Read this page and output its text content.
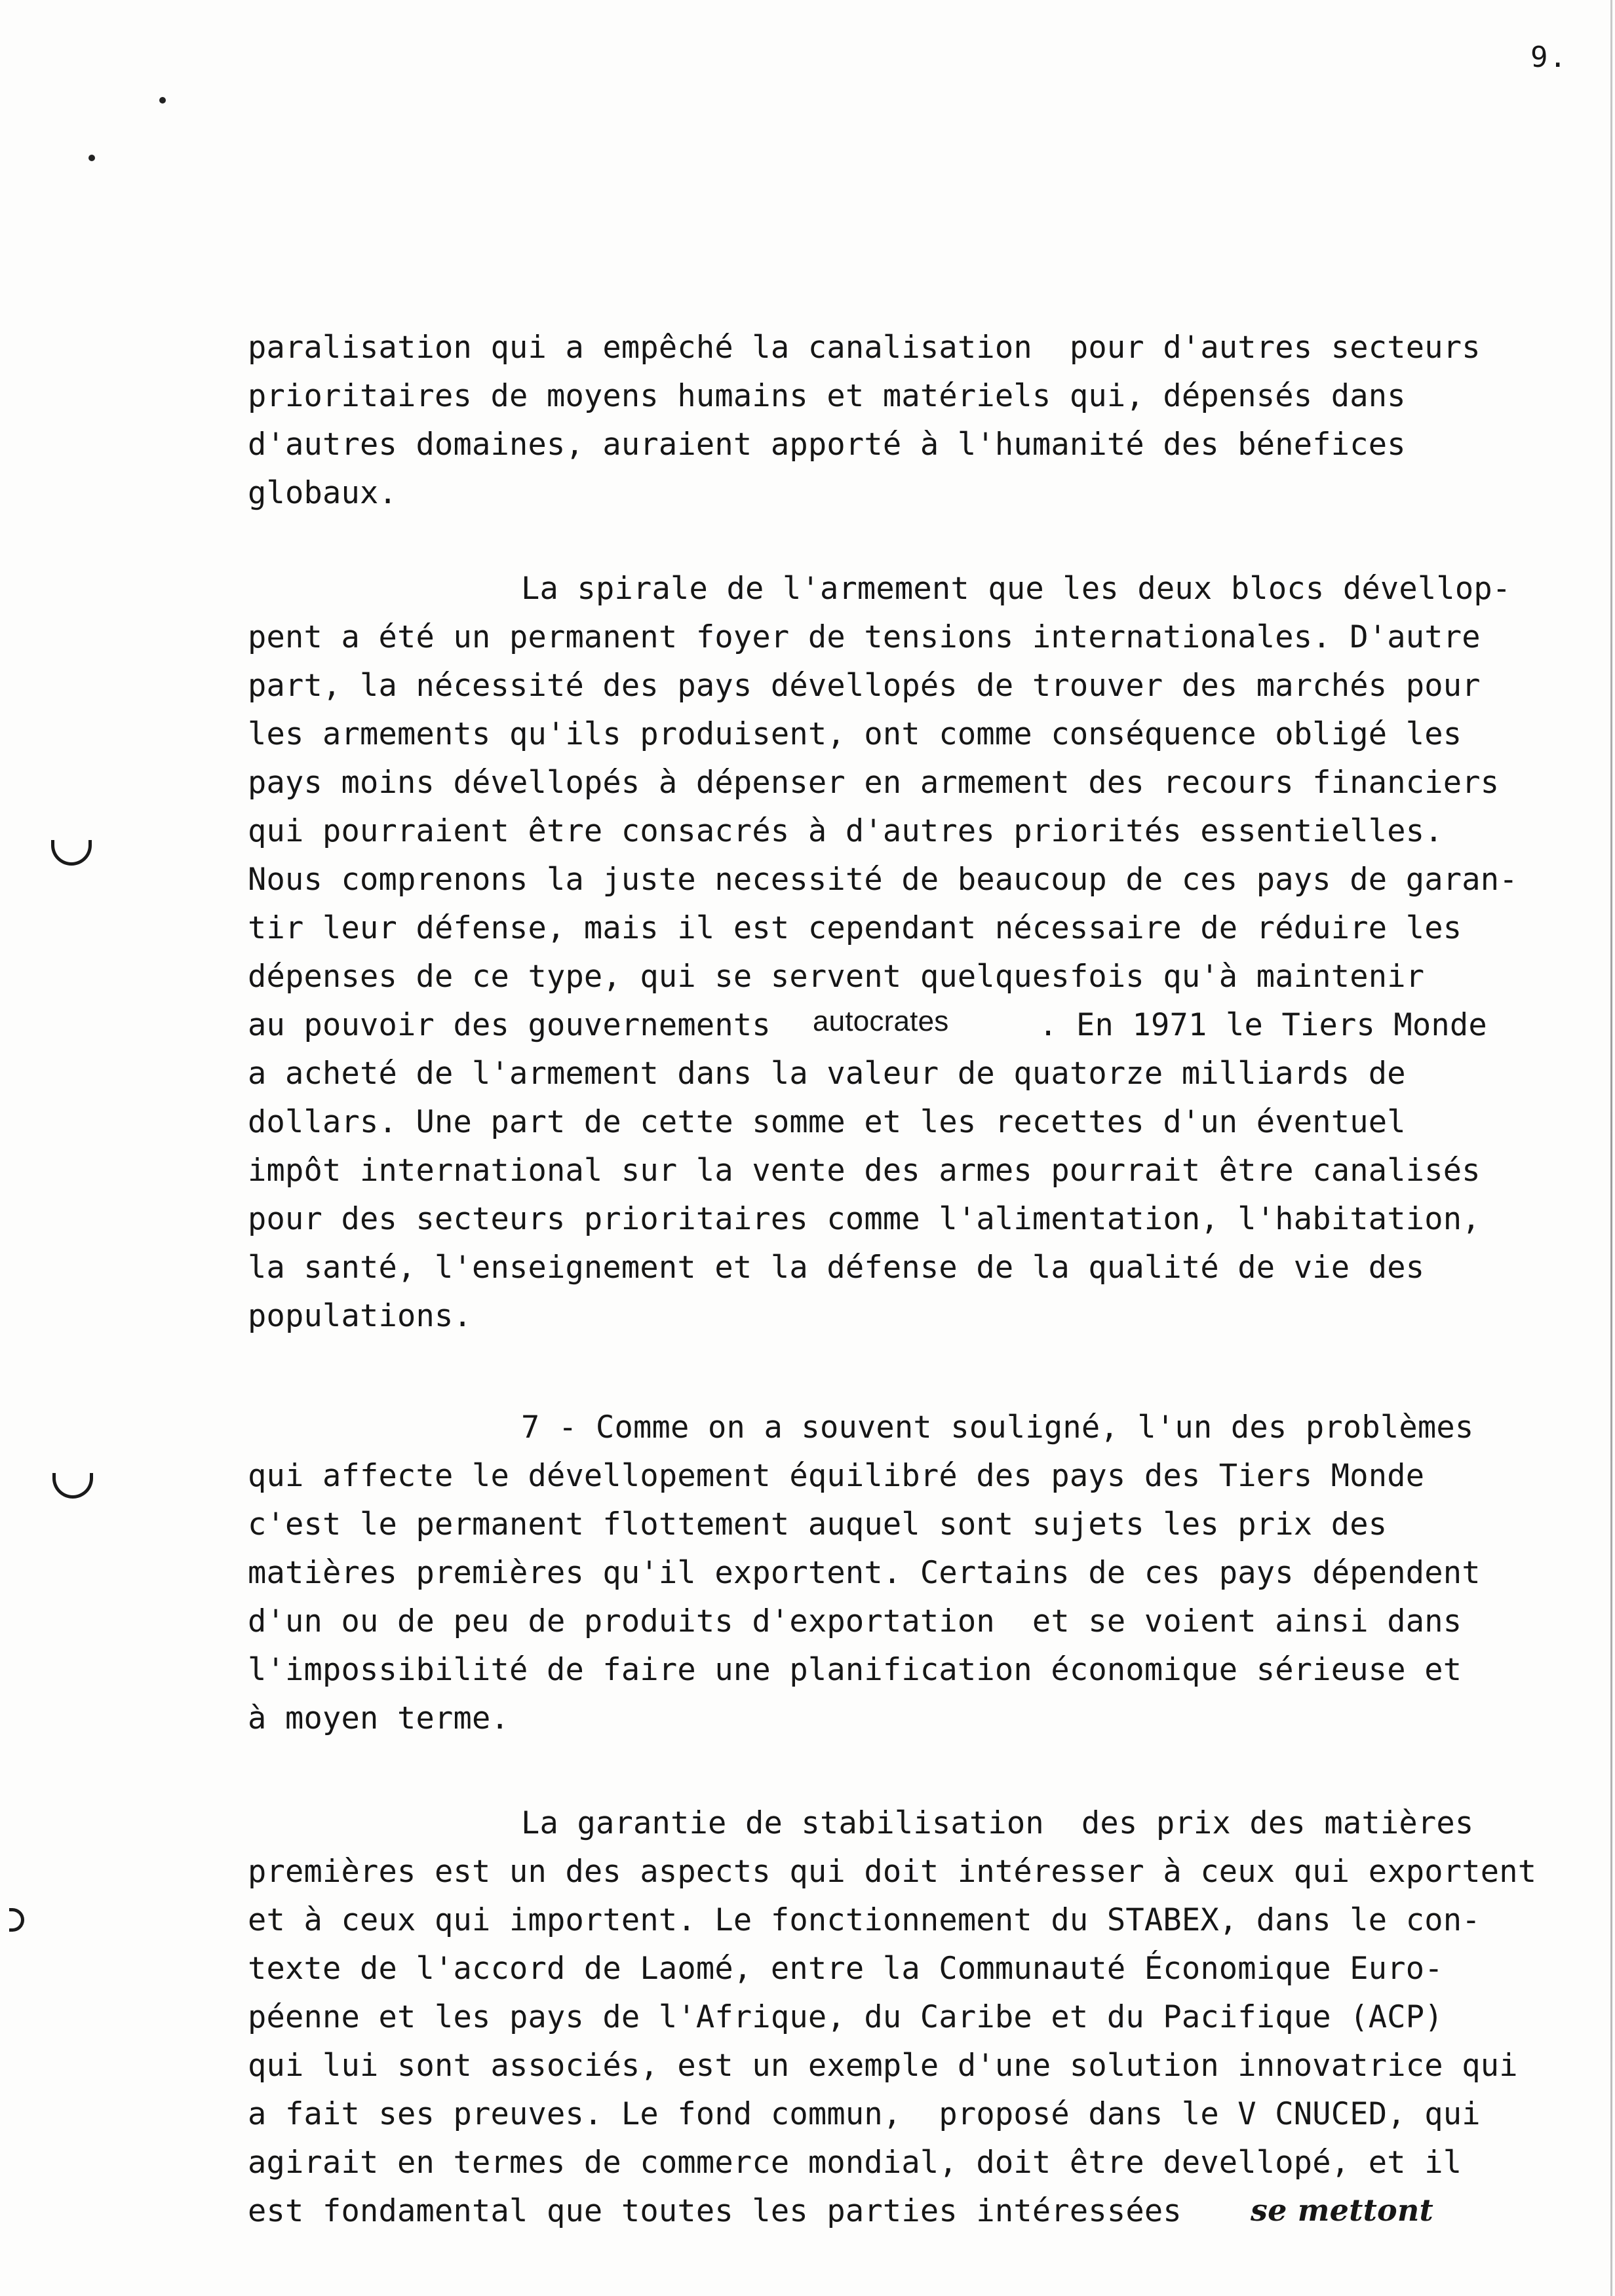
9.
paralisation qui a empêché la canalisation  pour d'autres secteurs
prioritaires de moyens humains et matériels qui, dépensés dans
d'autres domaines, auraient apporté à l'humanité des bénefices
globaux.
La spirale de l'armement que les deux blocs dévellop-
pent a été un permanent foyer de tensions internationales. D'autre
part, la nécessité des pays dévellopés de trouver des marchés pour
les armements qu'ils produisent, ont comme conséquence obligé les
pays moins dévellopés à dépenser en armement des recours financiers
qui pourraient être consacrés à d'autres priorités essentielles.
Nous comprenons la juste necessité de beaucoup de ces pays de garan-
tir leur défense, mais il est cependant nécessaire de réduire les
dépenses de ce type, qui se servent quelquesfois qu'à maintenir
au pouvoir des gouvernements autocrates	. En 1971 le Tiers Monde
a acheté de l'armement dans la valeur de quatorze milliards de
dollars. Une part de cette somme et les recettes d'un éventuel
impôt international sur la vente des armes pourrait être canalisés
pour des secteurs prioritaires comme l'alimentation, l'habitation,
la santé, l'enseignement et la défense de la qualité de vie des
populations.
7 - Comme on a souvent souligné, l'un des problèmes
qui affecte le dévellopement équilibré des pays des Tiers Monde
c'est le permanent flottement auquel sont sujets les prix des
matières premières qu'il exportent. Certains de ces pays dépendent
d'un ou de peu de produits d'exportation  et se voient ainsi dans
l'impossibilité de faire une planification économique sérieuse et
à moyen terme.
La garantie de stabilisation  des prix des matières
premières est un des aspects qui doit intéresser à ceux qui exportent
et à ceux qui importent. Le fonctionnement du STABEX, dans le con-
texte de l'accord de Laomé, entre la Communauté Économique Euro-
péenne et les pays de l'Afrique, du Caribe et du Pacifique (ACP)
qui lui sont associés, est un exemple d'une solution innovatrice qui
a fait ses preuves. Le fond commun,  proposé dans le V CNUCED, qui
agirait en termes de commerce mondial, doit être devellopé, et il
est fondamental que toutes les parties intéressées se mettont
